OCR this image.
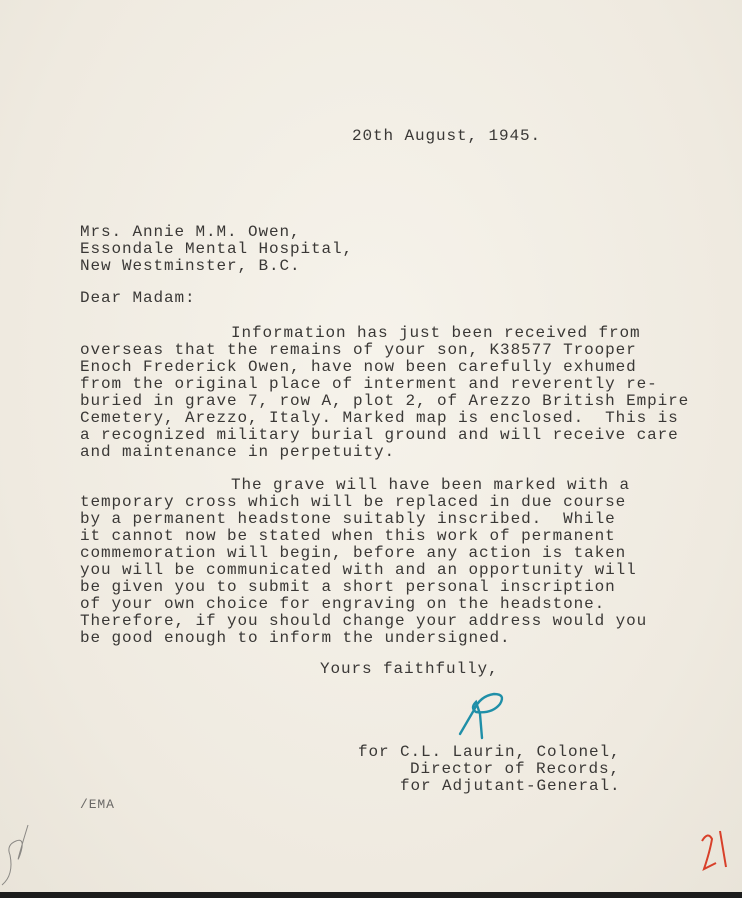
20th August, 1945.
Mrs. Annie M.M. Owen,
Essondale Mental Hospital,
New Westminster, B.C.
Dear Madam:
Information has just been received from
overseas that the remains of your son, K38577 Trooper
Enoch Frederick Owen, have now been carefully exhumed
from the original place of interment and reverently re-
buried in grave 7, row A, plot 2, of Arezzo British Empire
Cemetery, Arezzo, Italy. Marked map is enclosed.  This is
a recognized military burial ground and will receive care
and maintenance in perpetuity.
The grave will have been marked with a
temporary cross which will be replaced in due course
by a permanent headstone suitably inscribed.  While
it cannot now be stated when this work of permanent
commemoration will begin, before any action is taken
you will be communicated with and an opportunity will
be given you to submit a short personal inscription
of your own choice for engraving on the headstone.
Therefore, if you should change your address would you
be good enough to inform the undersigned.
Yours faithfully,
for C.L. Laurin, Colonel,
Director of Records,
for Adjutant-General.
/EMA
